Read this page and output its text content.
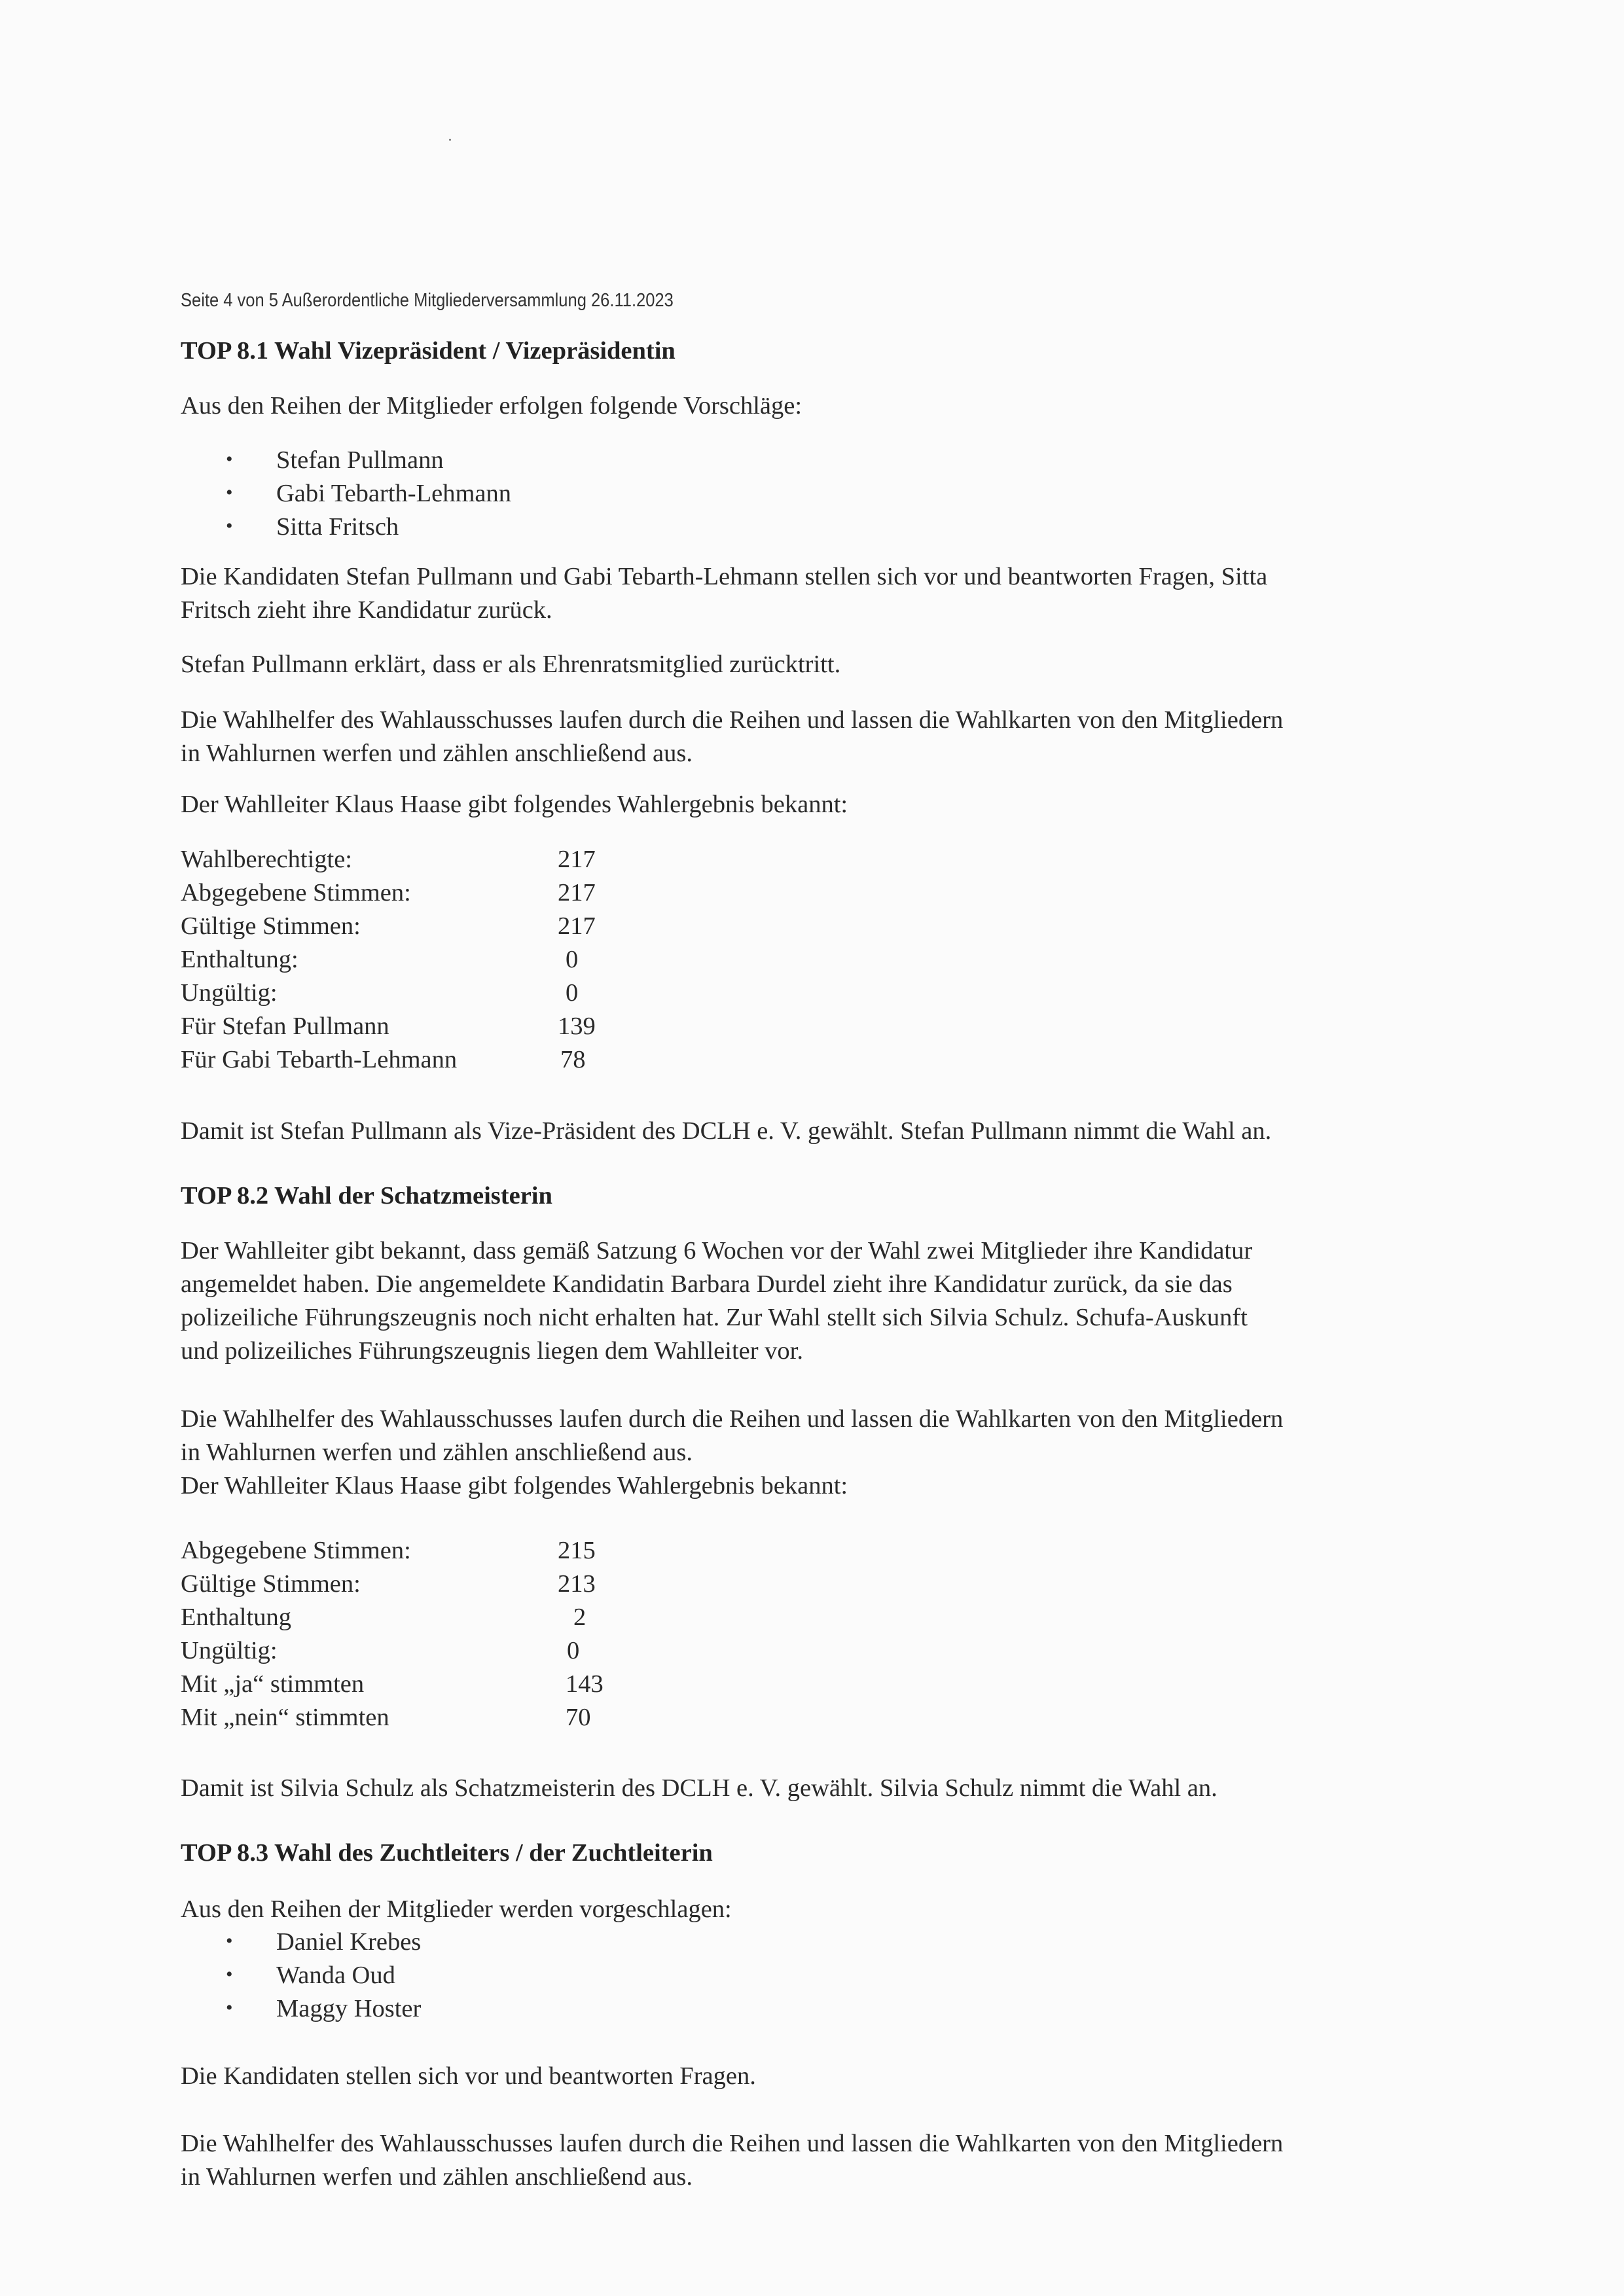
Seite 4 von 5 Außerordentliche Mitgliederversammlung 26.11.2023
TOP 8.1 Wahl Vizepräsident / Vizepräsidentin
Aus den Reihen der Mitglieder erfolgen folgende Vorschläge:
• Stefan Pullmann
• Gabi Tebarth-Lehmann
• Sitta Fritsch
Die Kandidaten Stefan Pullmann und Gabi Tebarth-Lehmann stellen sich vor und beantworten Fragen, Sitta
Fritsch zieht ihre Kandidatur zurück.
Stefan Pullmann erklärt, dass er als Ehrenratsmitglied zurücktritt.
Die Wahlhelfer des Wahlausschusses laufen durch die Reihen und lassen die Wahlkarten von den Mitgliedern
in Wahlurnen werfen und zählen anschließend aus.
Der Wahlleiter Klaus Haase gibt folgendes Wahlergebnis bekannt:
Wahlberechtigte:	217
Abgegebene Stimmen:	217
Gültige Stimmen:	217
Enthaltung:	0
Ungültig:	0
Für Stefan Pullmann	139
Für Gabi Tebarth-Lehmann	78
Damit ist Stefan Pullmann als Vize-Präsident des DCLH e. V. gewählt. Stefan Pullmann nimmt die Wahl an.
TOP 8.2 Wahl der Schatzmeisterin
Der Wahlleiter gibt bekannt, dass gemäß Satzung 6 Wochen vor der Wahl zwei Mitglieder ihre Kandidatur
angemeldet haben. Die angemeldete Kandidatin Barbara Durdel zieht ihre Kandidatur zurück, da sie das
polizeiliche Führungszeugnis noch nicht erhalten hat. Zur Wahl stellt sich Silvia Schulz. Schufa-Auskunft
und polizeiliches Führungszeugnis liegen dem Wahlleiter vor.
Die Wahlhelfer des Wahlausschusses laufen durch die Reihen und lassen die Wahlkarten von den Mitgliedern
in Wahlurnen werfen und zählen anschließend aus.
Der Wahlleiter Klaus Haase gibt folgendes Wahlergebnis bekannt:
Abgegebene Stimmen:	215
Gültige Stimmen:	213
Enthaltung	2
Ungültig:	0
Mit „ja“ stimmten	143
Mit „nein“ stimmten	70
Damit ist Silvia Schulz als Schatzmeisterin des DCLH e. V. gewählt. Silvia Schulz nimmt die Wahl an.
TOP 8.3 Wahl des Zuchtleiters / der Zuchtleiterin
Aus den Reihen der Mitglieder werden vorgeschlagen:
• Daniel Krebes
• Wanda Oud
• Maggy Hoster
Die Kandidaten stellen sich vor und beantworten Fragen.
Die Wahlhelfer des Wahlausschusses laufen durch die Reihen und lassen die Wahlkarten von den Mitgliedern
in Wahlurnen werfen und zählen anschließend aus.
